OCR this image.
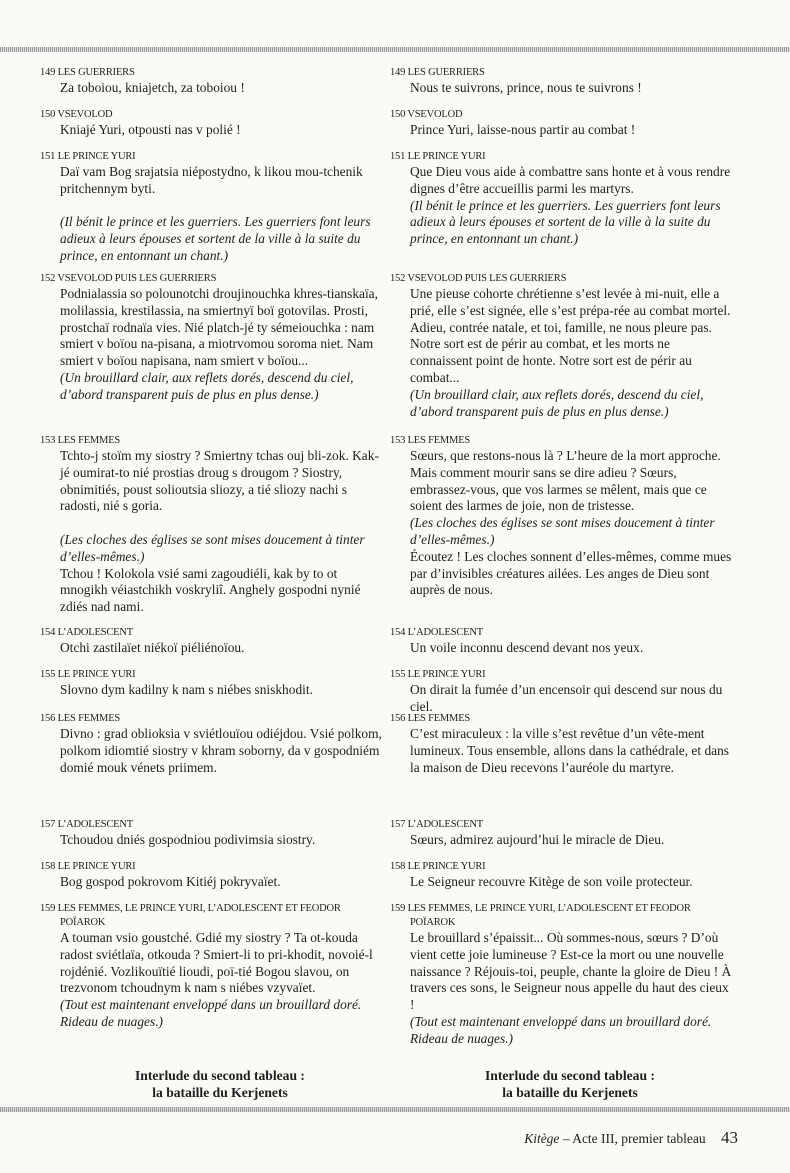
149 LES GUERRIERS

Za toboiou, kniajetch, za toboiou !

150 VSEVOLOD

Kniajé Yuri, otpousti nas v polié !

151 LE PRINCE YURI

Daï vam Bog srajatsia niépostydno, k likou mou-tchenik pritchennym byti.

(Il bénit le prince et les guerriers. Les guerriers font leurs adieux à leurs épouses et sortent de la ville à la suite du prince, en entonnant un chant.)

152 VSEVOLOD PUIS LES GUERRIERS

Podnialassia so polounotchi droujinouchka khres-tianskaïa, molilassia, krestilassia, na smiertnyï boï gotovilas. Prosti, prostchaï rodnaïa vies. Nié platch-jé ty sémeiouchka : nam smiert v boïou na-pisana, a miotrvomou soroma niet. Nam smiert v boïou napisana, nam smiert v boïou...

(Un brouillard clair, aux reflets dorés, descend du ciel, d’abord transparent puis de plus en plus dense.)

153 LES FEMMES

Tchto-j stoïm my siostry ? Smiertny tchas ouj bli-zok. Kak-jé oumirat-to nié prostias droug s drougom ? Siostry, obnimitiés, poust solioutsia sliozy, a tié sliozy nachi s radosti, nié s goria.

(Les cloches des églises se sont mises doucement à tinter d’elles-mêmes.)

Tchou ! Kolokola vsié sami zagoudiéli, kak by to ot mnogikh véiastchikh voskryliî. Anghely gospodni nynié zdiés nad nami.

154 L’ADOLESCENT

Otchi zastilaïet niékoï piéliénoïou.

155 LE PRINCE YURI

Slovno dym kadilny k nam s niébes sniskhodit.

156 LES FEMMES

Divno : grad oblioksia v sviétlouïou odiéjdou. Vsié polkom, polkom idiomtié siostry v khram soborny, da v gospodniém domié mouk vénets priimem.

157 L’ADOLESCENT

Tchoudou dniés gospodniou podivimsia siostry.

158 LE PRINCE YURI

Bog gospod pokrovom Kitiéj pokryvaïet.

159 LES FEMMES, LE PRINCE YURI, L’ADOLESCENT ET FEODOR
POÏAROK

A touman vsio goustché. Gdié my siostry ? Ta ot-kouda radost sviétlaïa, otkouda ? Smiert-li to pri-khodit, novoié-l rojdénié. Vozlikouïtié lioudi, poï-tié Bogou slavou, on trezvonom tchoudnym k nam s niébes vzyvaïet.

(Tout est maintenant enveloppé dans un brouillard doré. Rideau de nuages.)

149 LES GUERRIERS

Nous te suivrons, prince, nous te suivrons !

150 VSEVOLOD

Prince Yuri, laisse-nous partir au combat !

151 LE PRINCE YURI

Que Dieu vous aide à combattre sans honte et à vous rendre dignes d’être accueillis parmi les martyrs.

(Il bénit le prince et les guerriers. Les guerriers font leurs adieux à leurs épouses et sortent de la ville à la suite du prince, en entonnant un chant.)

152 VSEVOLOD PUIS LES GUERRIERS

Une pieuse cohorte chrétienne s’est levée à mi-nuit, elle a prié, elle s’est signée, elle s’est prépa-rée au combat mortel. Adieu, contrée natale, et toi, famille, ne nous pleure pas. Notre sort est de périr au combat, et les morts ne connaissent point de honte. Notre sort est de périr au combat...

(Un brouillard clair, aux reflets dorés, descend du ciel, d’abord transparent puis de plus en plus dense.)

153 LES FEMMES

Sœurs, que restons-nous là ? L’heure de la mort approche. Mais comment mourir sans se dire adieu ? Sœurs, embrassez-vous, que vos larmes se mêlent, mais que ce soient des larmes de joie, non de tristesse.

(Les cloches des églises se sont mises doucement à tinter d’elles-mêmes.)

Écoutez ! Les cloches sonnent d’elles-mêmes, comme mues par d’invisibles créatures ailées. Les anges de Dieu sont auprès de nous.

154 L’ADOLESCENT

Un voile inconnu descend devant nos yeux.

155 LE PRINCE YURI

On dirait la fumée d’un encensoir qui descend sur nous du ciel.

156 LES FEMMES

C’est miraculeux : la ville s’est revêtue d’un vête-ment lumineux. Tous ensemble, allons dans la cathédrale, et dans la maison de Dieu recevons l’auréole du martyre.

157 L’ADOLESCENT

Sœurs, admirez aujourd’hui le miracle de Dieu.

158 LE PRINCE YURI

Le Seigneur recouvre Kitège de son voile protecteur.

159 LES FEMMES, LE PRINCE YURI, L’ADOLESCENT ET FEODOR
POÏAROK

Le brouillard s’épaissit... Où sommes-nous, sœurs ? D’où vient cette joie lumineuse ? Est-ce la mort ou une nouvelle naissance ? Réjouis-toi, peuple, chante la gloire de Dieu ! À travers ces sons, le Seigneur nous appelle du haut des cieux !

(Tout est maintenant enveloppé dans un brouillard doré. Rideau de nuages.)

Interlude du second tableau :
la bataille du Kerjenets
Interlude du second tableau :
la bataille du Kerjenets
Kitège – Acte III, premier tableau 43
